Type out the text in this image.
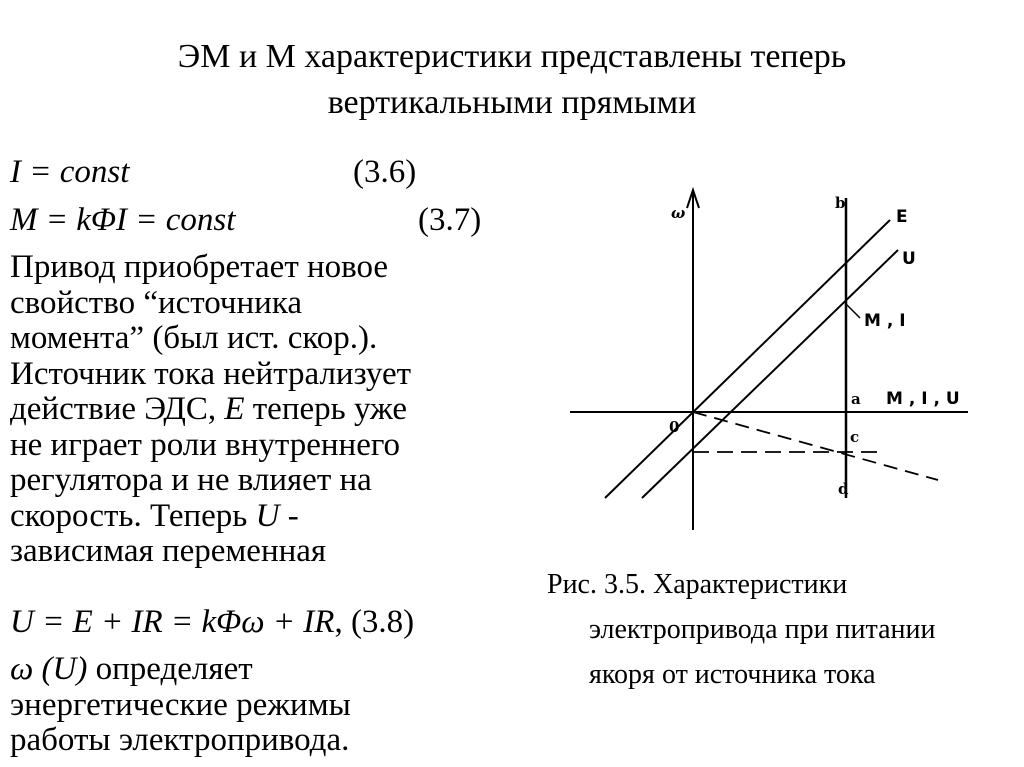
ЭМ и М характеристики представлены теперь
вертикальными прямыми
I = const	(3.6)
M = kΦI = const	(3.7)
Привод приобретает новое
свойство “источника
момента” (был ист. скор.).
Источник тока нейтрализует
действие ЭДС, E теперь уже
не играет роли внутреннего
регулятора и не влияет на
скорость. Теперь U -
зависимая переменная
U = E + IR = kΦω + IR, (3.8)
ω (U) определяет
энергетические режимы
работы электропривода.
ω
0
b
a
c
d
E
U
M , I
M , I , U
Рис. 3.5. Характеристики
электропривода при питании
якоря от источника тока
